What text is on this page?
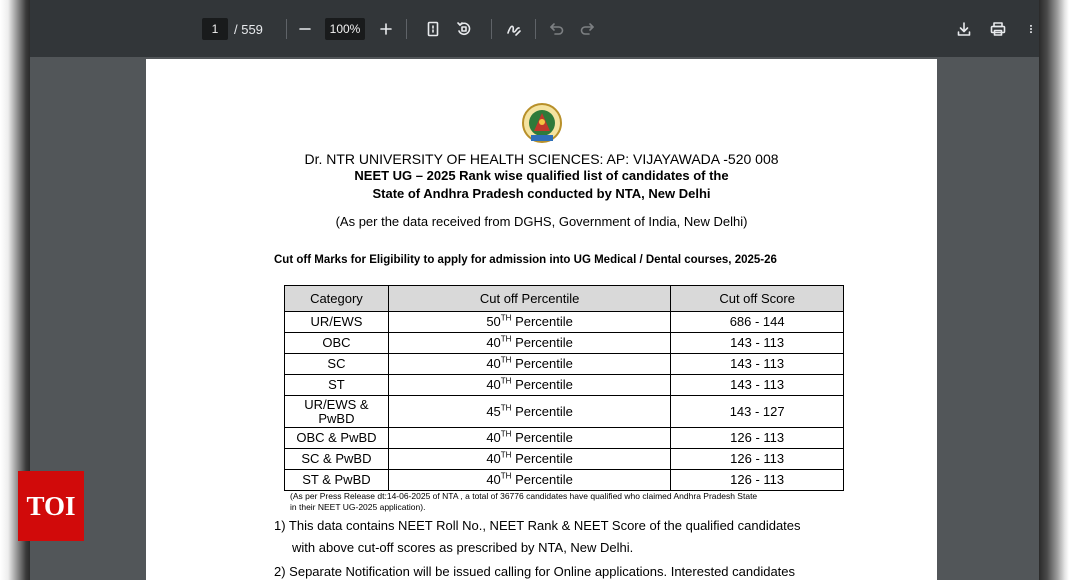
1	/ 559	100%
Dr. NTR UNIVERSITY OF HEALTH SCIENCES: AP: VIJAYAWADA -520 008
NEET UG – 2025 Rank wise qualified list of candidates of the
State of Andhra Pradesh conducted by NTA, New Delhi
(As per the data received from DGHS, Government of India, New Delhi)
Cut off Marks for Eligibility to apply for admission into UG Medical / Dental courses, 2025-26
Category	Cut off Percentile	Cut off Score
UR/EWS	50TH Percentile	686 - 144
OBC	40TH Percentile	143 - 113
SC	40TH Percentile	143 - 113
ST	40TH Percentile	143 - 113
UR/EWS &
PwBD	45TH Percentile	143 - 127
OBC & PwBD	40TH Percentile	126 - 113
SC & PwBD	40TH Percentile	126 - 113
ST & PwBD	40TH Percentile	126 - 113
(As per Press Release dt:14-06-2025 of NTA , a total of 36776 candidates have qualified who claimed Andhra Pradesh State
in their NEET UG-2025 application).
1) This data contains NEET Roll No., NEET Rank & NEET Score of the qualified candidates
with above cut-off scores as prescribed by NTA, New Delhi.
2) Separate Notification will be issued calling for Online applications. Interested candidates
TOI
